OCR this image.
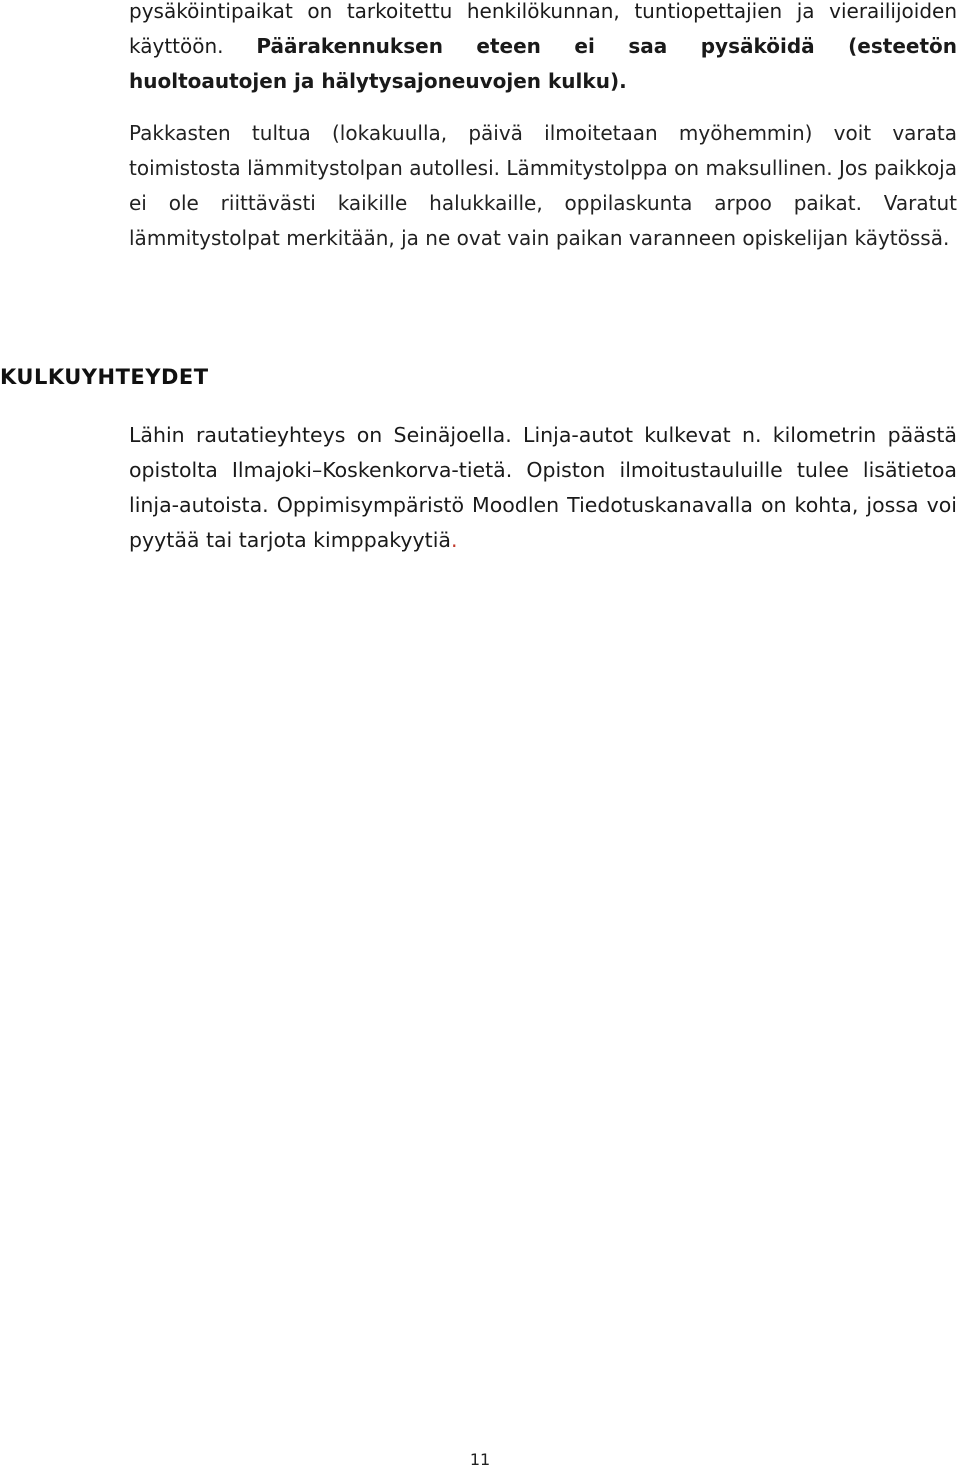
pysäköintipaikat on tarkoitettu henkilökunnan, tuntiopettajien ja vierailijoiden käyttöön. Päärakennuksen eteen ei saa pysäköidä (esteetön huoltoautojen ja hälytysajoneuvojen kulku).

Pakkasten tultua (lokakuulla, päivä ilmoitetaan myöhemmin) voit varata toimistosta lämmitystolpan autollesi. Lämmitystolppa on maksullinen. Jos paikkoja ei ole riittävästi kaikille halukkaille, oppilaskunta arpoo paikat. Varatut lämmitystolpat merkitään, ja ne ovat vain paikan varanneen opiskelijan käytössä.

KULKUYHTEYDET

Lähin rautatieyhteys on Seinäjoella. Linja-autot kulkevat n. kilometrin päästä opistolta Ilmajoki–Koskenkorva-tietä. Opiston ilmoitustauluille tulee lisätietoa linja-autoista. Oppimisympäristö Moodlen Tiedotuskanavalla on kohta, jossa voi pyytää tai tarjota kimppakyytiä.

11
